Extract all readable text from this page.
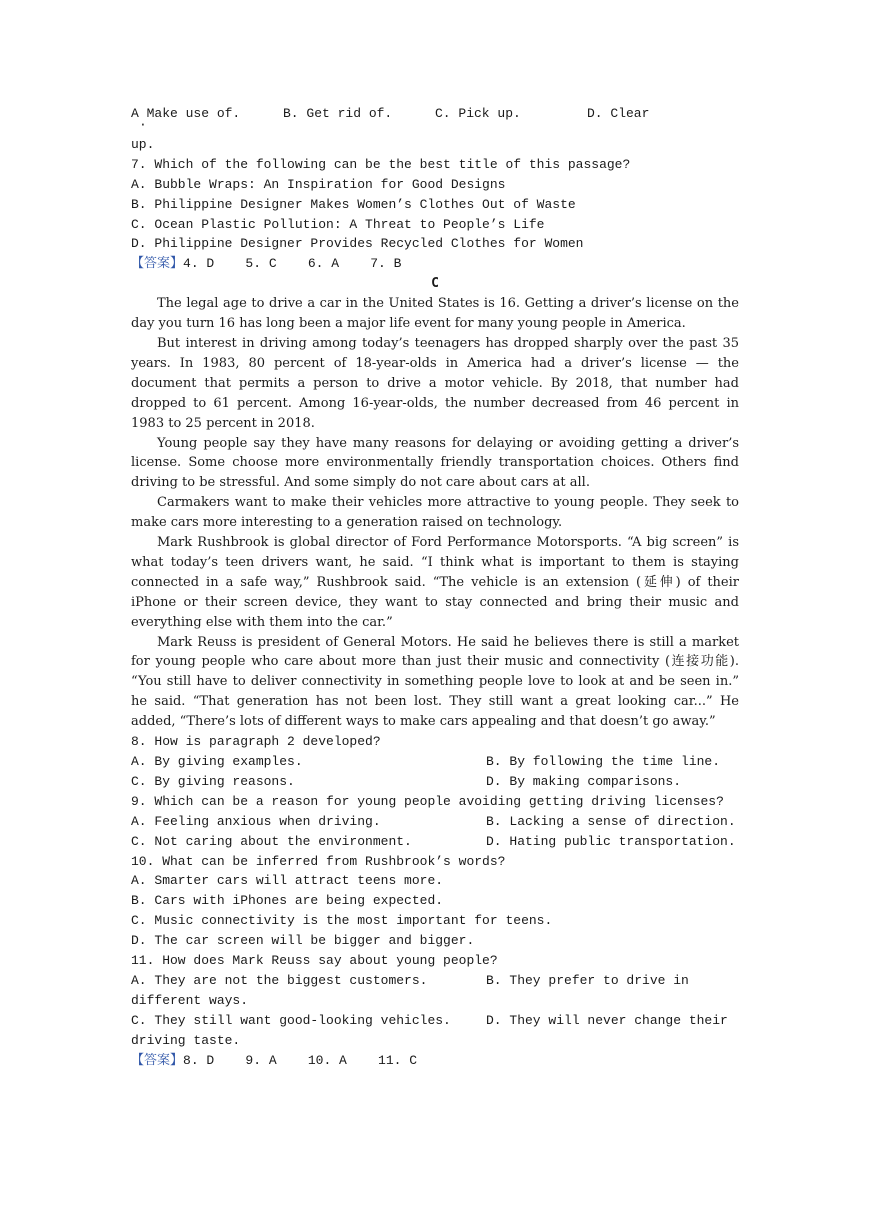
A Make use of. ·	B. Get rid of.	C. Pick up.	D. Clear
up.
7. Which of the following can be the best title of this passage?
A. Bubble Wraps: An Inspiration for Good Designs
B. Philippine Designer Makes Women’s Clothes Out of Waste
C. Ocean Plastic Pollution: A Threat to People’s Life
D. Philippine Designer Provides Recycled Clothes for Women
【答案】4. D    5. C    6. A    7. B
C
The legal age to drive a car in the United States is 16. Getting a driver’s license on the day you turn 16 has long been a major life event for many young people in America.
But interest in driving among today’s teenagers has dropped sharply over the past 35 years. In 1983, 80 percent of 18-year-olds in America had a driver’s license — the document that permits a person to drive a motor vehicle. By 2018, that number had dropped to 61 percent. Among 16-year-olds, the number decreased from 46 percent in 1983 to 25 percent in 2018.
Young people say they have many reasons for delaying or avoiding getting a driver’s license. Some choose more environmentally friendly transportation choices. Others find driving to be stressful. And some simply do not care about cars at all.
Carmakers want to make their vehicles more attractive to young people. They seek to make cars more interesting to a generation raised on technology.
Mark Rushbrook is global director of Ford Performance Motorsports. “A big screen” is what today’s teen drivers want, he said. “I think what is important to them is staying connected in a safe way,” Rushbrook said. “The vehicle is an extension (延伸) of their iPhone or their screen device, they want to stay connected and bring their music and everything else with them into the car.”
Mark Reuss is president of General Motors. He said he believes there is still a market for young people who care about more than just their music and connectivity (连接功能). “You still have to deliver connectivity in something people love to look at and be seen in.” he said. “That generation has not been lost. They still want a great looking car...” He added, “There’s lots of different ways to make cars appealing and that doesn’t go away.”
8. How is paragraph 2 developed?
A. By giving examples.	B. By following the time line.
C. By giving reasons.	D. By making comparisons.
9. Which can be a reason for young people avoiding getting driving licenses?
A. Feeling anxious when driving.	B. Lacking a sense of direction.
C. Not caring about the environment.	D. Hating public transportation.
10. What can be inferred from Rushbrook’s words?
A. Smarter cars will attract teens more.
B. Cars with iPhones are being expected.
C. Music connectivity is the most important for teens.
D. The car screen will be bigger and bigger.
11. How does Mark Reuss say about young people?
A. They are not the biggest customers.	B. They prefer to drive in
different ways.
C. They still want good-looking vehicles.	D. They will never change their
driving taste.
【答案】8. D    9. A    10. A    11. C
